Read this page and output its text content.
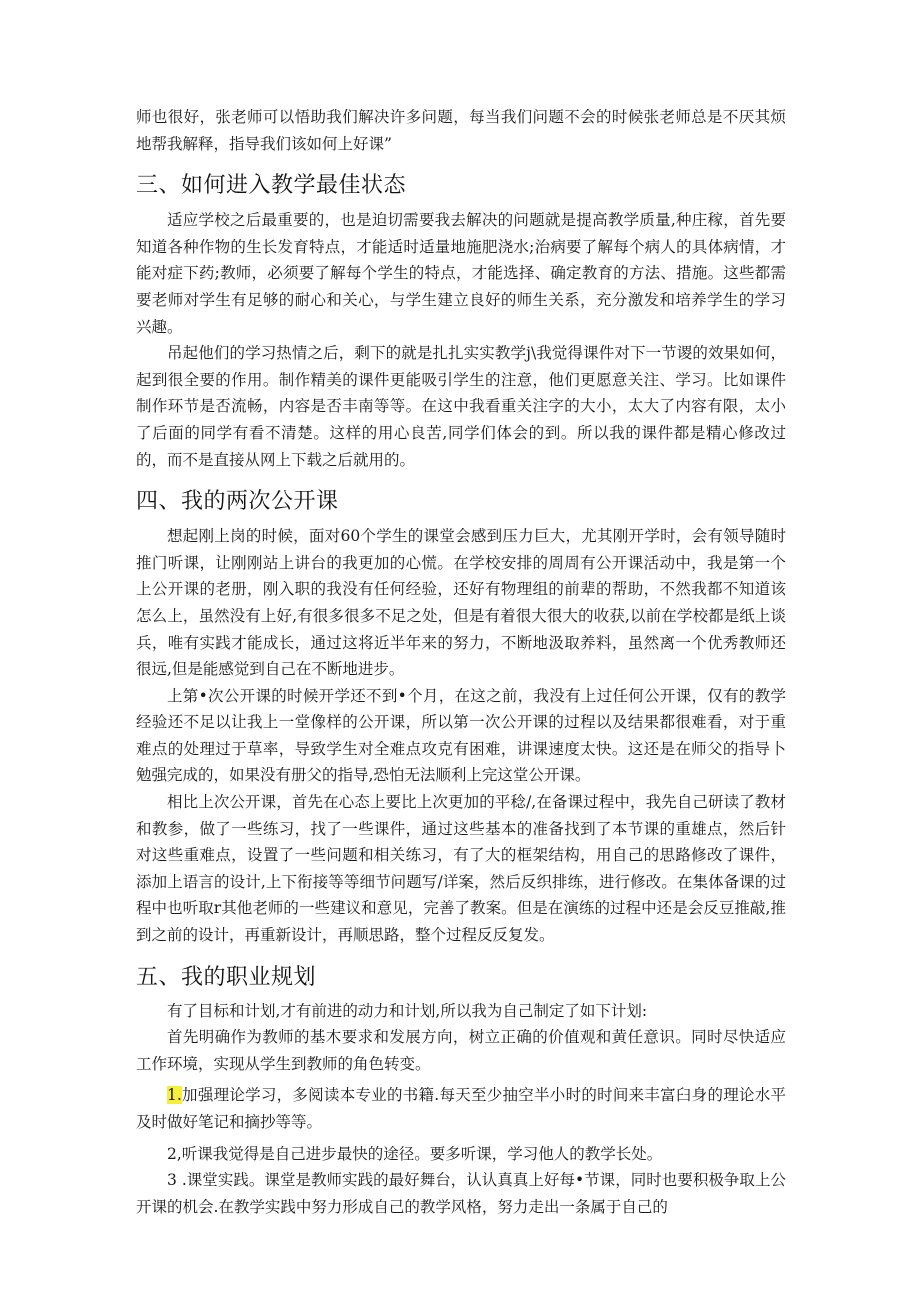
师也很好，张老师可以悟助我们解决许多问题，每当我们问题不会的时候张老师总是不厌其烦地帮我解释，指导我们该如何上好课”

三、如何进入教学最佳状态

适应学校之后最重要的，也是迫切需要我去解决的问题就是提高教学质量,种庄稼，首先要知道各种作物的生长发育特点，才能适时适量地施肥浇水;治病要了解每个病人的具体病情，才能对症下药;教师，必须要了解每个学生的特点，才能选择、确定教育的方法、措施。这些都需要老师对学生有足够的耐心和关心，与学生建立良好的师生关系，充分激发和培养学生的学习兴趣。

吊起他们的学习热情之后，剩下的就是扎扎实实教学j\我觉得课件对下一节谡的效果如何，起到很全要的作用。制作精美的课件更能吸引学生的注意，他们更愿意关注、学习。比如课件制作环节是否流畅，内容是否丰南等等。在这中我看重关注字的大小，太大了内容有限，太小了后面的同学有看不清楚。这样的用心良苦,同学们体会的到。所以我的课件都是精心修改过的，而不是直接从网上下载之后就用的。

四、我的两次公开课

想起刚上岗的时候，面对60个学生的课堂会感到压力巨大，尤其刚开学时，会有领导随时推门听课，让刚刚站上讲台的我更加的心慌。在学校安排的周周有公开课活动中，我是第一个上公开课的老册，刚入职的我没有任何经验，还好有物理组的前辈的帮助，不然我都不知道该怎么上，虽然没有上好,有很多很多不足之处，但是有着很大很大的收获,以前在学校都是纸上谈兵，唯有实践才能成长，通过这将近半年来的努力，不断地汲取养料，虽然离一个优秀教师还很远,但是能感觉到自己在不断地进步。

上第•次公开课的时候开学还不到•个月，在这之前，我没有上过任何公开课，仅有的教学经验还不足以让我上一堂像样的公开课，所以第一次公开课的过程以及结果都很难看，对于重难点的处理过于草率，导致学生对全难点攻克有困难，讲课速度太快。这还是在师父的指导卜勉强完成的，如果没有册父的指导,恐怕无法顺利上完这堂公开课。

相比上次公开课，首先在心态上要比上次更加的平稔/,在备课过程中，我先自己研读了教材和教参，做了一些练习，找了一些课件，通过这些基本的准备找到了本节课的重雄点，然后针对这些重难点，设置了一些问题和相关练习，有了大的框架结构，用自己的思路修改了课件，添加上语言的设计,上下衔接等等细节问题写/详案，然后反织排练，进行修改。在集体备课的过程中也听取r其他老师的一些建议和意见，完善了教案。但是在演练的过程中还是会反豆推敲,推到之前的设计，再重新设计，再顺思路，整个过程反反复发。

五、我的职业规划

有了目标和计划,才有前进的动力和计划,所以我为自己制定了如下计划:

首先明确作为教师的基木要求和发展方向，树立正确的价值观和黄任意识。同时尽快适应工作环境，实现从学生到教师的角色转变。

1.加强理论学习，多阅读本专业的书籍.每天至少抽空半小时的时间来丰富臼身的理论水平及时做好笔记和摘抄等等。

2,听课我觉得是自己进步最快的途径。要多听课，学习他人的教学长处。

3 .课堂实践。课堂是教师实践的最好舞台，认认真真上好每•节课，同时也要积极争取上公开课的机会.在教学实践中努力形成自己的教学风格，努力走出一条属于自己的
